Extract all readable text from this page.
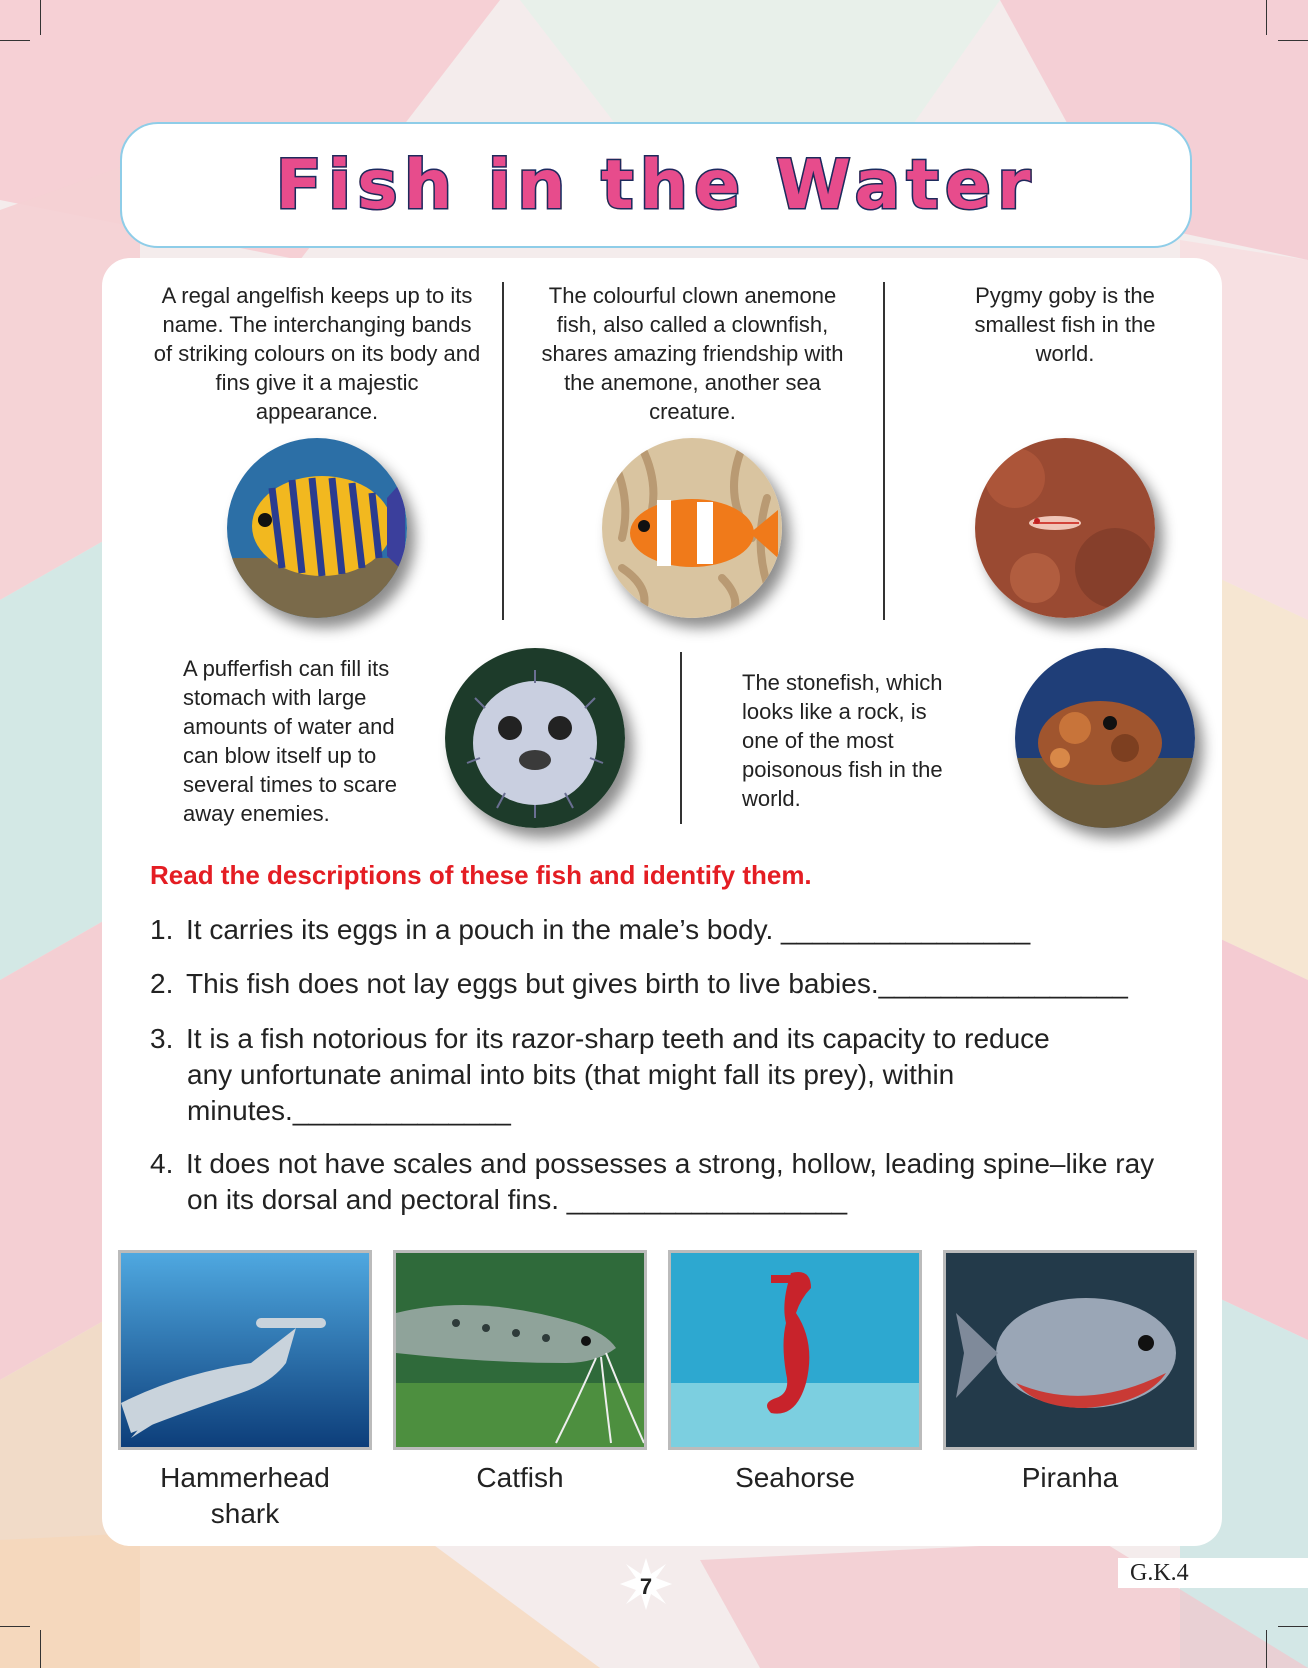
Fish in the Water
A regal angelfish keeps up to its name. The interchanging bands of striking colours on its body and fins give it a majestic appearance.
The colourful clown anemone fish, also called a clownfish, shares amazing friendship with the anemone, another sea creature.
Pygmy goby is the smallest fish in the world.
A pufferfish can fill its stomach with large amounts of water and can blow itself up to several times to scare away enemies.
The stonefish, which looks like a rock, is one of the most poisonous fish in the world.
Read the descriptions of these fish and identify them.
1. It carries its eggs in a pouch in the male’s body. ________________
2. This fish does not lay eggs but gives birth to live babies.________________
3. It is a fish notorious for its razor-sharp teeth and its capacity to reduce
any unfortunate animal into bits (that might fall its prey), within
minutes.______________
4. It does not have scales and possesses a strong, hollow, leading spine–like ray
on its dorsal and pectoral fins. __________________
Hammerhead
shark
Catfish	Seahorse	Piranha
7
G.K.4
